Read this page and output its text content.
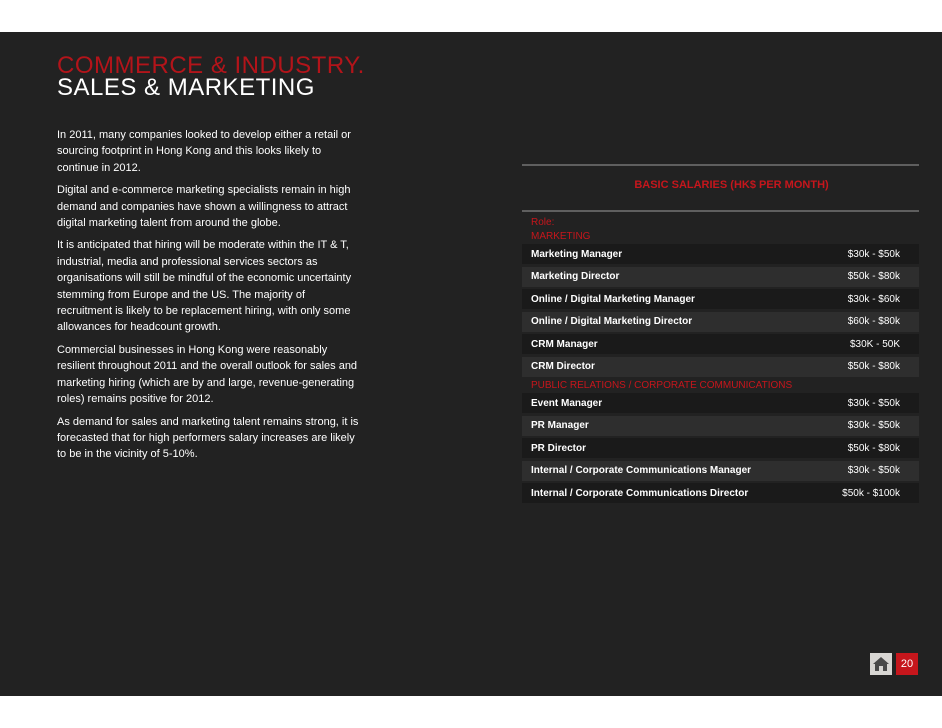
COMMERCE & INDUSTRY.
SALES & MARKETING

In 2011, many companies looked to develop either a retail or sourcing footprint in Hong Kong and this looks likely to continue in 2012.

Digital and e-commerce marketing specialists remain in high demand and companies have shown a willingness to attract digital marketing talent from around the globe.

It is anticipated that hiring will be moderate within the IT & T, industrial, media and professional services sectors as organisations will still be mindful of the economic uncertainty stemming from Europe and the US. The majority of recruitment is likely to be replacement hiring, with only some allowances for headcount growth.

Commercial businesses in Hong Kong were reasonably resilient throughout 2011 and the overall outlook for sales and marketing hiring (which are by and large, revenue-generating roles) remains positive for 2012.

As demand for sales and marketing talent remains strong, it is forecasted that for high performers salary increases are likely to be in the vicinity of 5-10%.

BASIC SALARIES (HK$ PER MONTH)
Role:
MARKETING
Marketing Manager	$30k - $50k
Marketing Director	$50k - $80k
Online / Digital Marketing Manager	$30k - $60k
Online / Digital Marketing Director	$60k - $80k
CRM Manager	$30K - 50K
CRM Director	$50k - $80k
PUBLIC RELATIONS / CORPORATE COMMUNICATIONS
Event Manager	$30k - $50k
PR Manager	$30k - $50k
PR Director	$50k - $80k
Internal / Corporate Communications Manager	$30k - $50k
Internal / Corporate Communications Director	$50k - $100k
20
